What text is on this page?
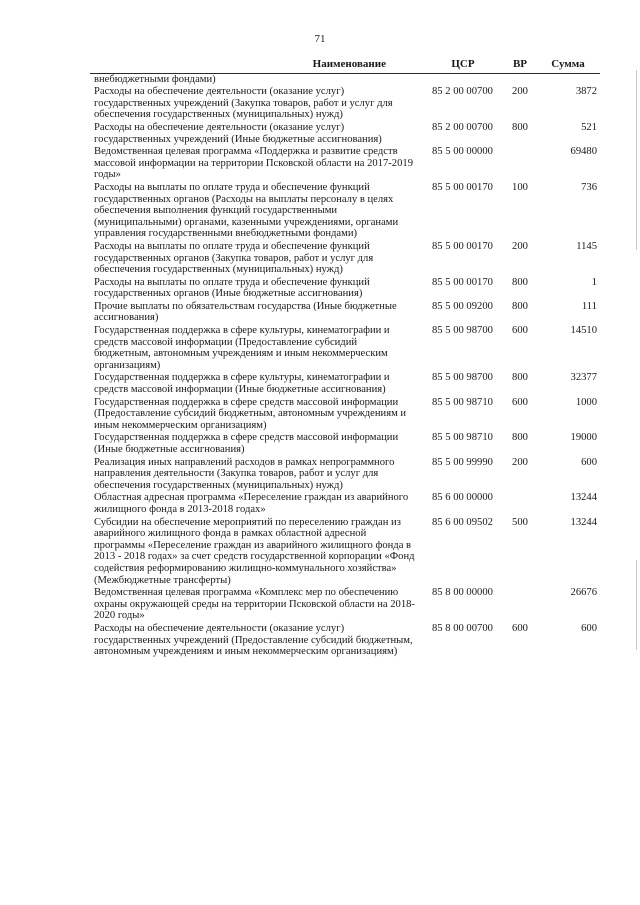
71
Наименование	ЦСР	ВР	Сумма
внебюджетными фондами)			
Расходы на обеспечение деятельности (оказание услуг) государственных учреждений (Закупка товаров, работ и услуг для обеспечения государственных (муниципальных) нужд)	85 2 00 00700	200	3872
Расходы на обеспечение деятельности (оказание услуг) государственных учреждений (Иные бюджетные ассигнования)	85 2 00 00700	800	521
Ведомственная целевая программа «Поддержка и развитие средств массовой информации на территории Псковской области на 2017-2019 годы»	85 5 00 00000		69480
Расходы на выплаты по оплате труда и обеспечение функций государственных органов (Расходы на выплаты персоналу в целях обеспечения выполнения функций государственными (муниципальными) органами, казенными учреждениями, органами управления государственными внебюджетными фондами)	85 5 00 00170	100	736
Расходы на выплаты по оплате труда и обеспечение функций государственных органов (Закупка товаров, работ и услуг для обеспечения государственных (муниципальных) нужд)	85 5 00 00170	200	1145
Расходы на выплаты по оплате труда и обеспечение функций государственных органов (Иные бюджетные ассигнования)	85 5 00 00170	800	1
Прочие выплаты по обязательствам государства (Иные бюджетные ассигнования)	85 5 00 09200	800	111
Государственная поддержка в сфере культуры, кинематографии и средств массовой информации (Предоставление субсидий бюджетным, автономным учреждениям и иным некоммерческим организациям)	85 5 00 98700	600	14510
Государственная поддержка в сфере культуры, кинематографии и средств массовой информации (Иные бюджетные ассигнования)	85 5 00 98700	800	32377
Государственная поддержка в сфере средств массовой информации (Предоставление субсидий бюджетным, автономным учреждениям и иным некоммерческим организациям)	85 5 00 98710	600	1000
Государственная поддержка в сфере средств массовой информации (Иные бюджетные ассигнования)	85 5 00 98710	800	19000
Реализация иных направлений расходов в рамках непрограммного направления деятельности (Закупка товаров, работ и услуг для обеспечения государственных (муниципальных) нужд)	85 5 00 99990	200	600
Областная адресная программа «Переселение граждан из аварийного жилищного фонда в 2013-2018 годах»	85 6 00 00000		13244
Субсидии на обеспечение мероприятий по переселению граждан из аварийного жилищного фонда в рамках областной адресной программы «Переселение граждан из аварийного жилищного фонда в 2013 - 2018 годах» за счет средств государственной корпорации «Фонд содействия реформированию жилищно-коммунального хозяйства» (Межбюджетные трансферты)	85 6 00 09502	500	13244
Ведомственная целевая программа «Комплекс мер по обеспечению охраны окружающей среды на территории Псковской области на 2018-2020 годы»	85 8 00 00000		26676
Расходы на обеспечение деятельности (оказание услуг) государственных учреждений (Предоставление субсидий бюджетным, автономным учреждениям и иным некоммерческим организациям)	85 8 00 00700	600	600
